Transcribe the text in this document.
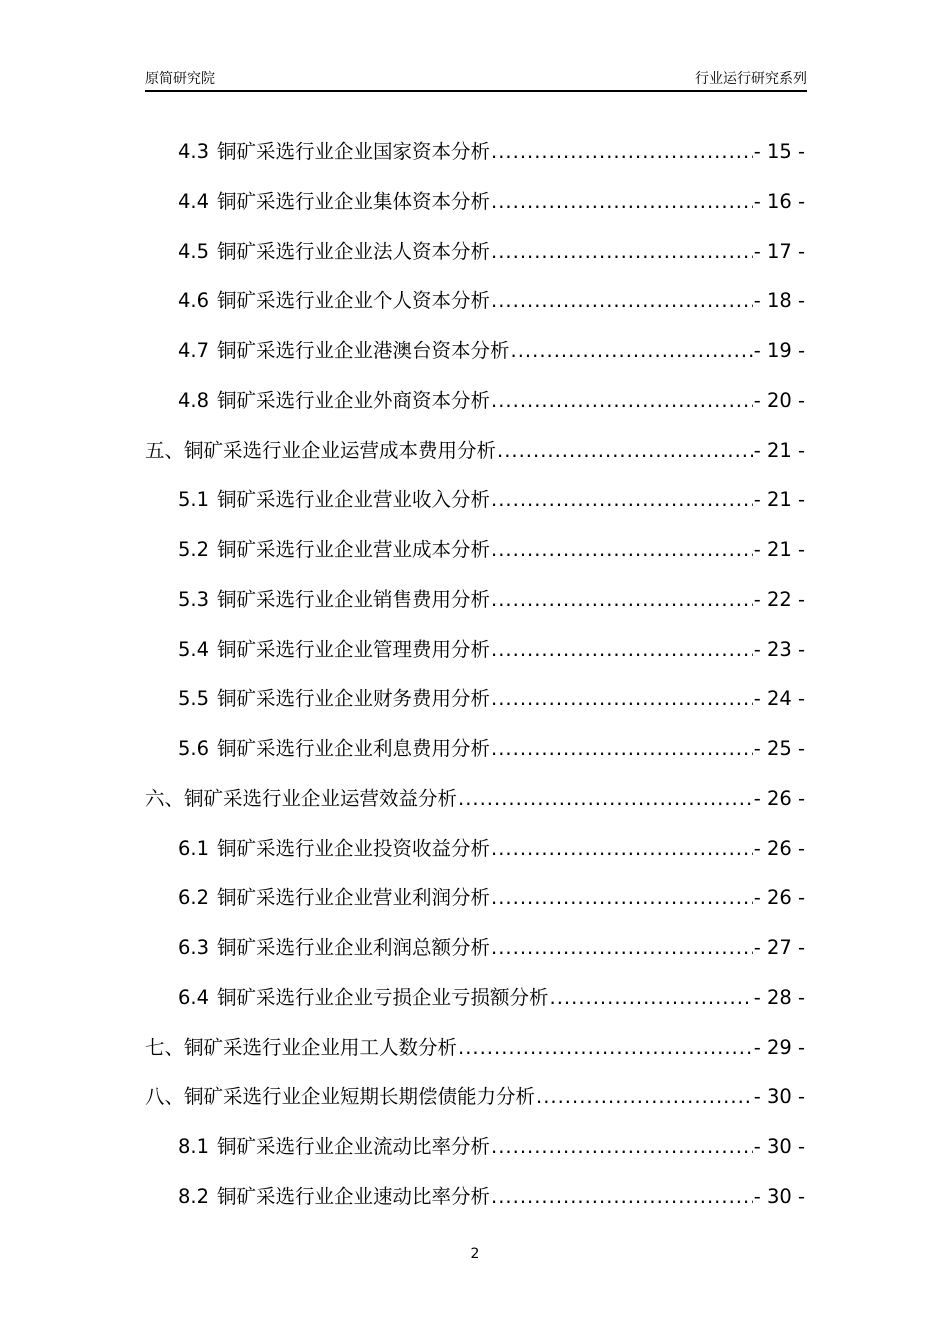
原简研究院	行业运行研究系列
4.3 铜矿采选行业企业国家资本分析 .....	- 15 -
4.4 铜矿采选行业企业集体资本分析 .....	- 16 -
4.5 铜矿采选行业企业法人资本分析 .....	- 17 -
4.6 铜矿采选行业企业个人资本分析 .....	- 18 -
4.7 铜矿采选行业企业港澳台资本分析 .....	- 19 -
4.8 铜矿采选行业企业外商资本分析 .....	- 20 -
五、铜矿采选行业企业运营成本费用分析 .....	- 21 -
5.1 铜矿采选行业企业营业收入分析 .....	- 21 -
5.2 铜矿采选行业企业营业成本分析 .....	- 21 -
5.3 铜矿采选行业企业销售费用分析 .....	- 22 -
5.4 铜矿采选行业企业管理费用分析 .....	- 23 -
5.5 铜矿采选行业企业财务费用分析 .....	- 24 -
5.6 铜矿采选行业企业利息费用分析 .....	- 25 -
六、铜矿采选行业企业运营效益分析 .....	- 26 -
6.1 铜矿采选行业企业投资收益分析 .....	- 26 -
6.2 铜矿采选行业企业营业利润分析 .....	- 26 -
6.3 铜矿采选行业企业利润总额分析 .....	- 27 -
6.4 铜矿采选行业企业亏损企业亏损额分析 .....	- 28 -
七、铜矿采选行业企业用工人数分析 .....	- 29 -
八、铜矿采选行业企业短期长期偿债能力分析 .....	- 30 -
8.1 铜矿采选行业企业流动比率分析 .....	- 30 -
8.2 铜矿采选行业企业速动比率分析 .....	- 30 -
2
